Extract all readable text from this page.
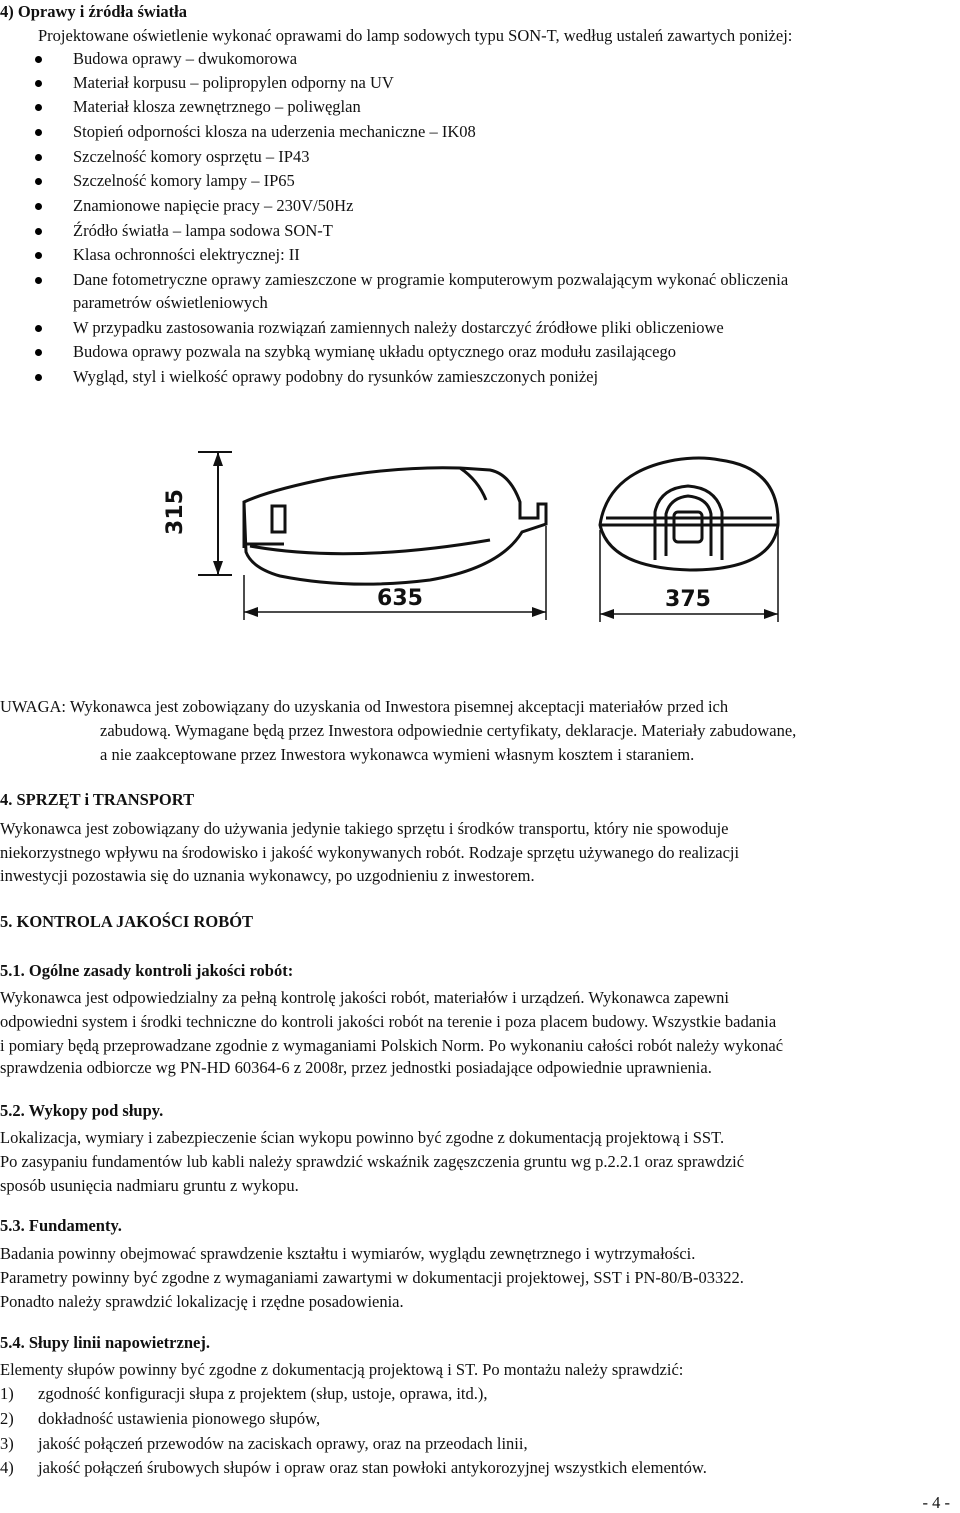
4) Oprawy i źródła światła
Projektowane oświetlenie wykonać oprawami do lamp sodowych typu SON-T, według ustaleń zawartych poniżej:
Budowa oprawy – dwukomorowa
Materiał korpusu – polipropylen odporny na UV
Materiał klosza zewnętrznego – poliwęglan
Stopień odporności klosza na uderzenia mechaniczne – IK08
Szczelność komory osprzętu – IP43
Szczelność komory lampy – IP65
Znamionowe napięcie pracy – 230V/50Hz
Źródło światła – lampa sodowa SON-T
Klasa ochronności elektrycznej: II
Dane fotometryczne oprawy zamieszczone w programie komputerowym pozwalającym wykonać obliczenia
parametrów oświetleniowych
W przypadku zastosowania rozwiązań zamiennych należy dostarczyć źródłowe pliki obliczeniowe
Budowa oprawy pozwala na szybką wymianę układu optycznego oraz modułu zasilającego
Wygląd, styl i wielkość oprawy podobny do rysunków zamieszczonych poniżej
315
635	375
UWAGA: Wykonawca jest zobowiązany do uzyskania od Inwestora pisemnej akceptacji materiałów przed ich
zabudową. Wymagane będą przez Inwestora odpowiednie certyfikaty, deklaracje. Materiały zabudowane,
a nie zaakceptowane przez Inwestora wykonawca wymieni własnym kosztem i staraniem.
4. SPRZĘT i TRANSPORT
Wykonawca jest zobowiązany do używania jedynie takiego sprzętu i środków transportu, który nie spowoduje
niekorzystnego wpływu na środowisko i jakość wykonywanych robót. Rodzaje sprzętu używanego do realizacji
inwestycji pozostawia się do uznania wykonawcy, po uzgodnieniu z inwestorem.
5. KONTROLA JAKOŚCI ROBÓT
5.1. Ogólne zasady kontroli jakości robót:
Wykonawca jest odpowiedzialny za pełną kontrolę jakości robót, materiałów i urządzeń. Wykonawca zapewni
odpowiedni system i środki techniczne do kontroli jakości robót na terenie i poza placem budowy. Wszystkie badania
i pomiary będą przeprowadzane zgodnie z wymaganiami Polskich Norm. Po wykonaniu całości robót należy wykonać
sprawdzenia odbiorcze wg PN-HD 60364-6 z 2008r, przez jednostki posiadające odpowiednie uprawnienia.
5.2. Wykopy pod słupy.
Lokalizacja, wymiary i zabezpieczenie ścian wykopu powinno być zgodne z dokumentacją projektową i SST.
Po zasypaniu fundamentów lub kabli należy sprawdzić wskaźnik zagęszczenia gruntu wg p.2.2.1 oraz sprawdzić
sposób usunięcia nadmiaru gruntu z wykopu.
5.3. Fundamenty.
Badania powinny obejmować sprawdzenie kształtu i wymiarów, wyglądu zewnętrznego i wytrzymałości.
Parametry powinny być zgodne z wymaganiami zawartymi w dokumentacji projektowej, SST i PN-80/B-03322.
Ponadto należy sprawdzić lokalizację i rzędne posadowienia.
5.4. Słupy linii napowietrznej.
Elementy słupów powinny być zgodne z dokumentacją projektową i ST. Po montażu należy sprawdzić:
1) zgodność konfiguracji słupa z projektem (słup, ustoje, oprawa, itd.),
2) dokładność ustawienia pionowego słupów,
3) jakość połączeń przewodów na zaciskach oprawy, oraz na przeodach linii,
4) jakość połączeń śrubowych słupów i opraw oraz stan powłoki antykorozyjnej wszystkich elementów.
- 4 -
